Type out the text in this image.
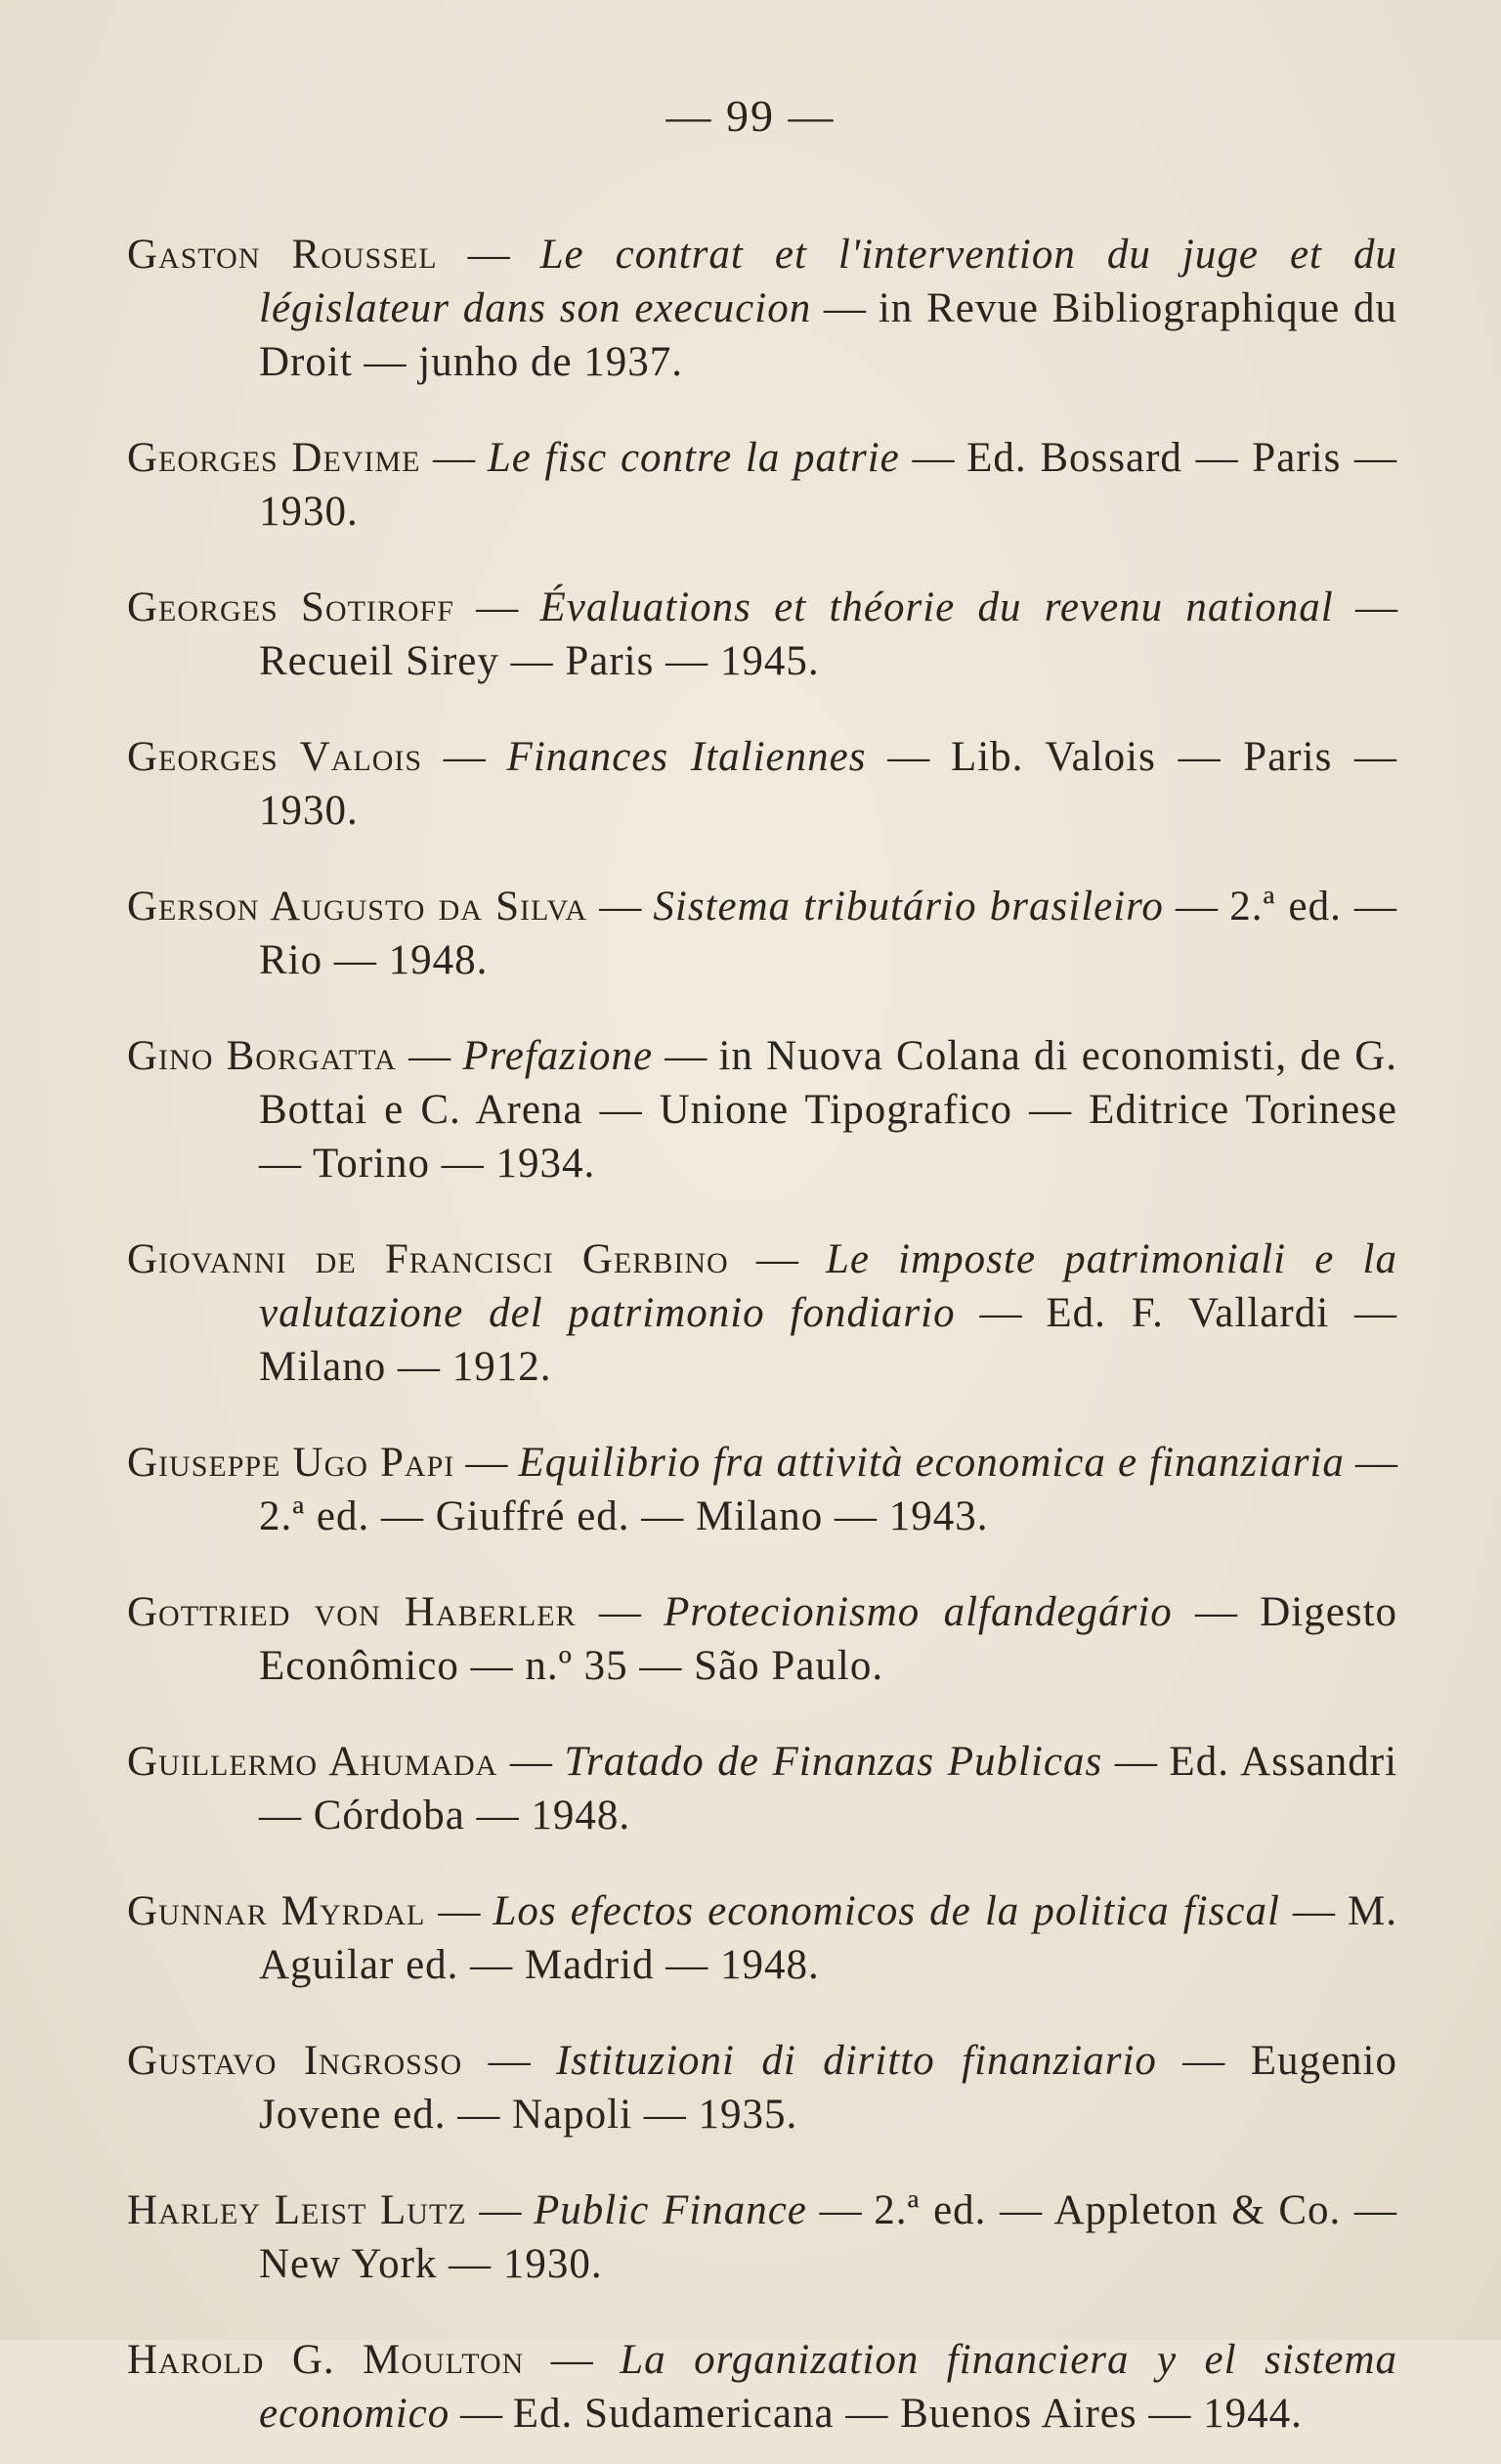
— 99 —

Gaston Roussel — Le contrat et l'intervention du juge et du législateur dans son execucion — in Revue Bibliographique du Droit — junho de 1937.

Georges Devime — Le fisc contre la patrie — Ed. Bossard — Paris — 1930.

Georges Sotiroff — Évaluations et théorie du revenu national — Recueil Sirey — Paris — 1945.

Georges Valois — Finances Italiennes — Lib. Valois — Paris — 1930.

Gerson Augusto da Silva — Sistema tributário brasileiro — 2.ª ed. — Rio — 1948.

Gino Borgatta — Prefazione — in Nuova Colana di economisti, de G. Bottai e C. Arena — Unione Tipografico — Editrice Torinese — Torino — 1934.

Giovanni de Francisci Gerbino — Le imposte patrimoniali e la valutazione del patrimonio fondiario — Ed. F. Vallardi — Milano — 1912.

Giuseppe Ugo Papi — Equilibrio fra attività economica e finanziaria — 2.ª ed. — Giuffré ed. — Milano — 1943.

Gottried von Haberler — Protecionismo alfandegário — Digesto Econômico — n.º 35 — São Paulo.

Guillermo Ahumada — Tratado de Finanzas Publicas — Ed. Assandri — Córdoba — 1948.

Gunnar Myrdal — Los efectos economicos de la politica fiscal — M. Aguilar ed. — Madrid — 1948.

Gustavo Ingrosso — Istituzioni di diritto finanziario — Eugenio Jovene ed. — Napoli — 1935.

Harley Leist Lutz — Public Finance — 2.ª ed. — Appleton & Co. — New York — 1930.

Harold G. Moulton — La organization financiera y el sistema economico — Ed. Sudamericana — Buenos Aires — 1944.
